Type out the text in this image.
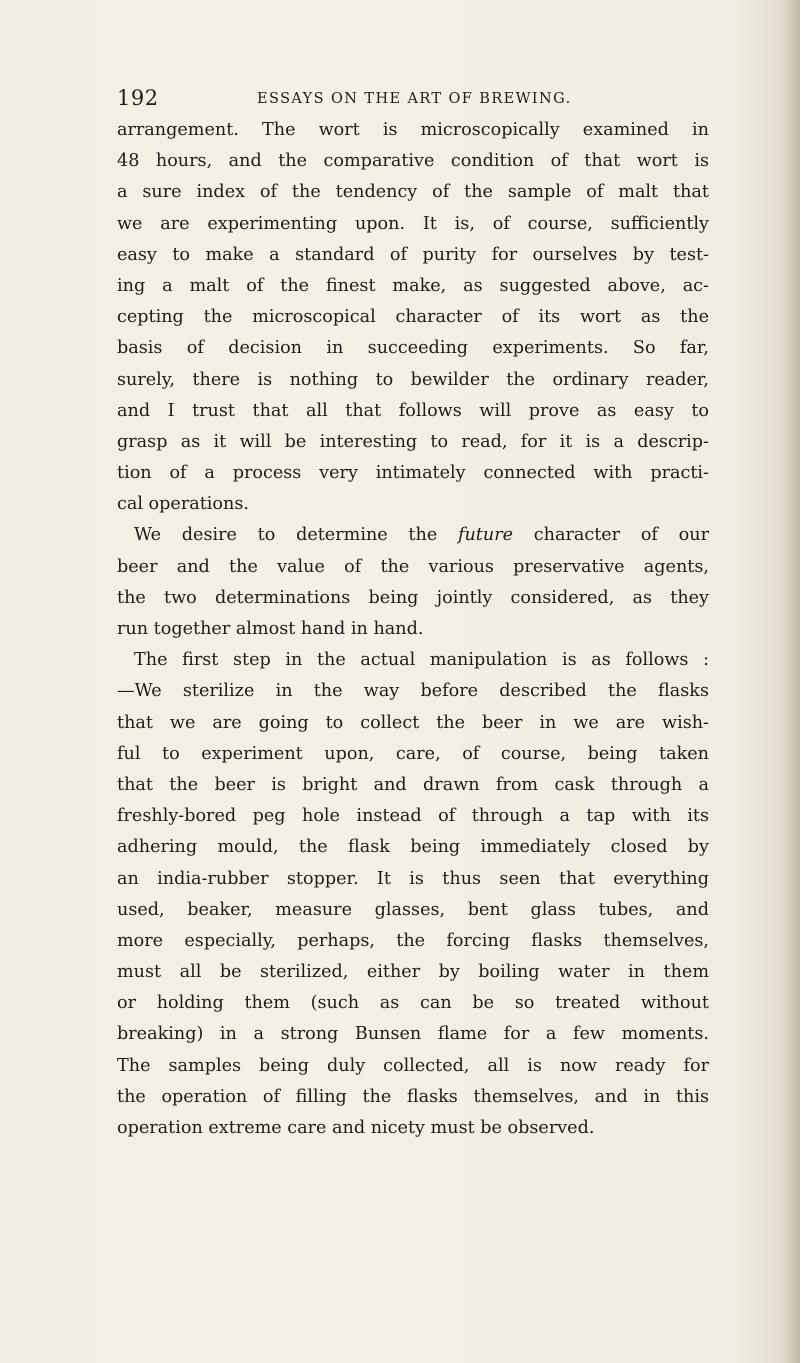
192	ESSAYS ON THE ART OF BREWING.
arrangement. The wort is microscopically examined in
48 hours, and the comparative condition of that wort is
a sure index of the tendency of the sample of malt that
we are experimenting upon. It is, of course, sufficiently
easy to make a standard of purity for ourselves by test-
ing a malt of the finest make, as suggested above, ac-
cepting the microscopical character of its wort as the
basis of decision in succeeding experiments. So far,
surely, there is nothing to bewilder the ordinary reader,
and I trust that all that follows will prove as easy to
grasp as it will be interesting to read, for it is a descrip-
tion of a process very intimately connected with practi-
cal operations.
We desire to determine the future character of our
beer and the value of the various preservative agents,
the two determinations being jointly considered, as they
run together almost hand in hand.
The first step in the actual manipulation is as follows :
—We sterilize in the way before described the flasks
that we are going to collect the beer in we are wish-
ful to experiment upon, care, of course, being taken
that the beer is bright and drawn from cask through a
freshly-bored peg hole instead of through a tap with its
adhering mould, the flask being immediately closed by
an india-rubber stopper. It is thus seen that everything
used, beaker, measure glasses, bent glass tubes, and
more especially, perhaps, the forcing flasks themselves,
must all be sterilized, either by boiling water in them
or holding them (such as can be so treated without
breaking) in a strong Bunsen flame for a few moments.
The samples being duly collected, all is now ready for
the operation of filling the flasks themselves, and in this
operation extreme care and nicety must be observed.
